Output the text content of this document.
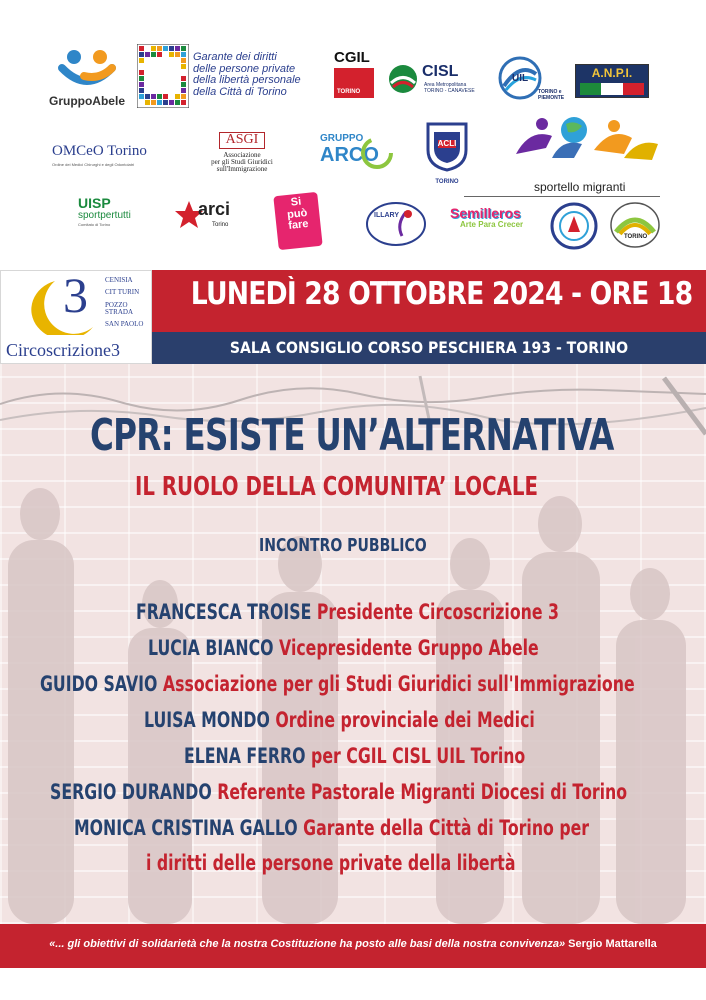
GruppoAbele
Garante dei diritti
delle persone private
della libertà personale
della Città di Torino
CGIL
TORINO
CISL
Area Metropolitana
TORINO - CANAVESE
UIL
TORINO e
PIEMONTE
A.N.P.I.
OMCeO Torino
Ordine dei Medici Chirurghi e degli Odontoiatri
ASGI
Associazione
per gli Studi Giuridici
sull'Immigrazione
GRUPPO
ARCO	ACLI
TORINO	sportello migranti
UISP
sportpertutti
Comitato di Torino
arci
Torino
Si
può
fare
ILLARY	Semilleros
Arte Para Crecer
TORINO
3 CENISIA
CIT TURIN
POZZO STRADA
SAN PAOLO
Circoscrizione3
LUNEDÌ 28 OTTOBRE 2024 - ORE 18
SALA CONSIGLIO CORSO PESCHIERA 193 - TORINO
CPR: ESISTE UN’ALTERNATIVA
IL RUOLO DELLA COMUNITA’ LOCALE
INCONTRO PUBBLICO
FRANCESCA TROISE Presidente Circoscrizione 3
LUCIA BIANCO Vicepresidente Gruppo Abele
GUIDO SAVIO Associazione per gli Studi Giuridici sull'Immigrazione
LUISA MONDO Ordine provinciale dei Medici
ELENA FERRO per CGIL CISL UIL Torino
SERGIO DURANDO Referente Pastorale Migranti Diocesi di Torino
MONICA CRISTINA GALLO Garante della Città di Torino per
i diritti delle persone private della libertà
«... gli obiettivi di solidarietà che la nostra Costituzione ha posto alle basi della nostra convivenza» Sergio Mattarella
